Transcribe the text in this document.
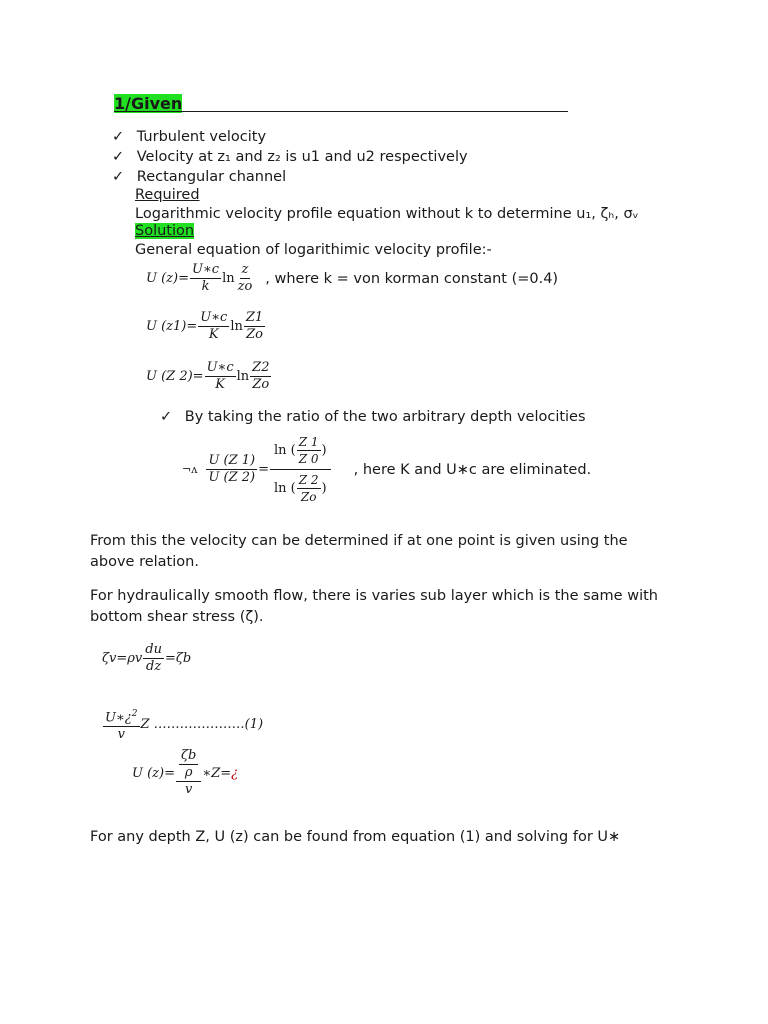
1/Given
✓ Turbulent velocity
✓ Velocity at z₁ and z₂ is u1 and u2 respectively
✓ Rectangular channel
Required
Logarithmic velocity profile equation without k to determine u₁, ζₕ, σᵥ
Solution
General equation of logarithimic velocity profile:-
U $(z)= \frac{U∗c}{k}$ $\ln \frac{z}{zo}$ , where k = von korman constant (=0.4)
U $(z1)= \frac{U∗c}{K}$ $\ln \frac{Z1}{Zo}$
U (Z $2)= \frac{U∗c}{K}$ $\ln \frac{Z2}{Zo}$
✓ By taking the ratio of the two arbitrary depth velocities
¬ʌ $\frac{U (Z 1)}{U (Z 2)} = \frac{\ln ( \frac{Z 1}{Z 0} )}{\ln ( \frac{Z 2}{Zo} )}$ , here K and U∗c are eliminated.
From this the velocity can be determined if at one point is given using the above relation.
For hydraulically smooth flow, there is varies sub layer which is the same with bottom shear stress (ζ).
$\zeta v=\rho v \frac{du}{dz} =\zeta b$
$\frac{U∗¿^2}{v}$ Z …………………(1)
U $(z)= \frac{\frac{\zeta b}{\rho}}{v}$ ∗Z= ¿
For any depth Z, U (z) can be found from equation (1) and solving for U∗
